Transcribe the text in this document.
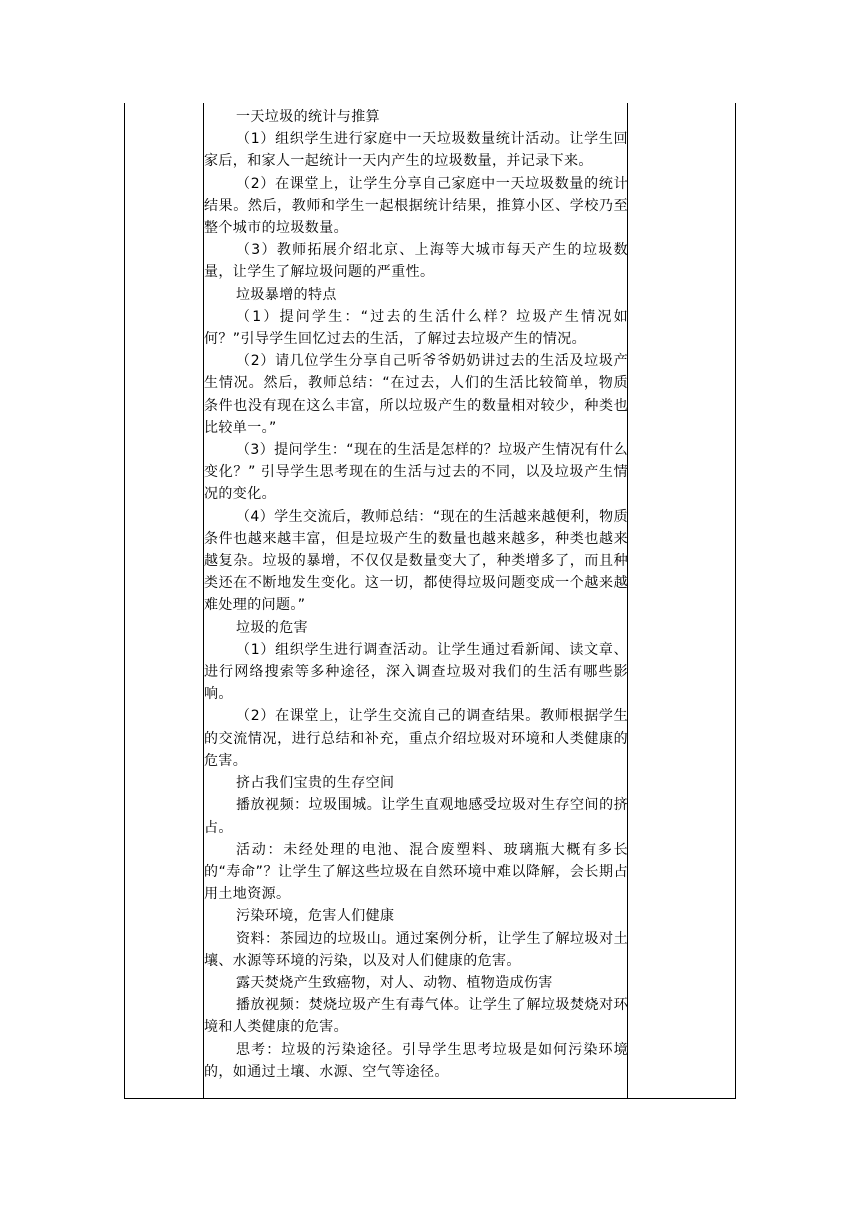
一天垃圾的统计与推算

（1）组织学生进行家庭中一天垃圾数量统计活动。让学生回家后，和家人一起统计一天内产生的垃圾数量，并记录下来。

（2）在课堂上，让学生分享自己家庭中一天垃圾数量的统计结果。然后，教师和学生一起根据统计结果，推算小区、学校乃至整个城市的垃圾数量。

（3）教师拓展介绍北京、上海等大城市每天产生的垃圾数量，让学生了解垃圾问题的严重性。

垃圾暴增的特点

（1）提问学生：“过去的生活什么样？垃圾产生情况如何？”引导学生回忆过去的生活，了解过去垃圾产生的情况。

（2）请几位学生分享自己听爷爷奶奶讲过去的生活及垃圾产生情况。然后，教师总结：“在过去，人们的生活比较简单，物质条件也没有现在这么丰富，所以垃圾产生的数量相对较少，种类也比较单一。”

（3）提问学生：“现在的生活是怎样的？垃圾产生情况有什么变化？” 引导学生思考现在的生活与过去的不同，以及垃圾产生情况的变化。

（4）学生交流后，教师总结：“现在的生活越来越便利，物质条件也越来越丰富，但是垃圾产生的数量也越来越多，种类也越来越复杂。垃圾的暴增，不仅仅是数量变大了，种类增多了，而且种类还在不断地发生变化。这一切，都使得垃圾问题变成一个越来越难处理的问题。”

垃圾的危害

（1）组织学生进行调查活动。让学生通过看新闻、读文章、进行网络搜索等多种途径，深入调查垃圾对我们的生活有哪些影响。

（2）在课堂上，让学生交流自己的调查结果。教师根据学生的交流情况，进行总结和补充，重点介绍垃圾对环境和人类健康的危害。

挤占我们宝贵的生存空间

播放视频：垃圾围城。让学生直观地感受垃圾对生存空间的挤占。

活动：未经处理的电池、混合废塑料、玻璃瓶大概有多长的“寿命”？让学生了解这些垃圾在自然环境中难以降解，会长期占用土地资源。

污染环境，危害人们健康

资料：茶园边的垃圾山。通过案例分析，让学生了解垃圾对土壤、水源等环境的污染，以及对人们健康的危害。

露天焚烧产生致癌物，对人、动物、植物造成伤害

播放视频：焚烧垃圾产生有毒气体。让学生了解垃圾焚烧对环境和人类健康的危害。

思考：垃圾的污染途径。引导学生思考垃圾是如何污染环境的，如通过土壤、水源、空气等途径。
